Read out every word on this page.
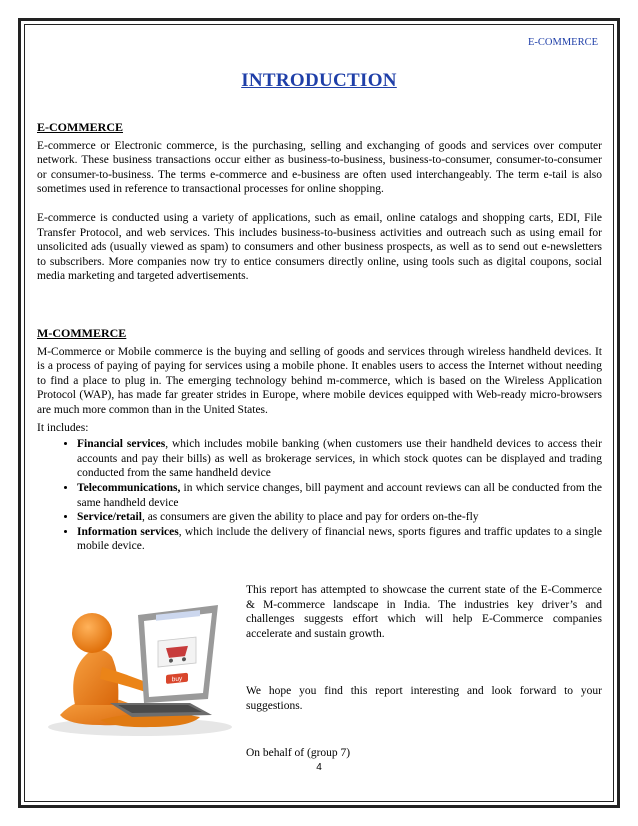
E-COMMERCE
INTRODUCTION
E-COMMERCE

E-commerce or Electronic commerce, is the purchasing, selling and exchanging of goods and services over computer network. These business transactions occur either as business-to-business, business-to-consumer, consumer-to-consumer or consumer-to-business. The terms e-commerce and e-business are often used interchangeably. The term e-tail is also sometimes used in reference to transactional processes for online shopping.

E-commerce is conducted using a variety of applications, such as email, online catalogs and shopping carts, EDI, File Transfer Protocol, and web services. This includes business-to-business activities and outreach such as using email for unsolicited ads (usually viewed as spam) to consumers and other business prospects, as well as to send out e-newsletters to subscribers. More companies now try to entice consumers directly online, using tools such as digital coupons, social media marketing and targeted advertisements.

M-COMMERCE

M-Commerce or Mobile commerce is the buying and selling of goods and services through wireless handheld devices. It is a process of paying of paying for services using a mobile phone. It enables users to access the Internet without needing to find a place to plug in. The emerging technology behind m-commerce, which is based on the Wireless Application Protocol (WAP), has made far greater strides in Europe, where mobile devices equipped with Web-ready micro-browsers are much more common than in the United States.

It includes:

• Financial services, which includes mobile banking (when customers use their handheld devices to access their accounts and pay their bills) as well as brokerage services, in which stock quotes can be displayed and trading conducted from the same handheld device
• Telecommunications, in which service changes, bill payment and account reviews can all be conducted from the same handheld device
• Service/retail, as consumers are given the ability to place and pay for orders on-the-fly
• Information services, which include the delivery of financial news, sports figures and traffic updates to a single mobile device.
buy
This report has attempted to showcase the current state of the E-Commerce & M-commerce landscape in India. The industries key driver’s and challenges suggests effort which will help E-Commerce companies accelerate and sustain growth.
We hope you find this report interesting and look forward to your suggestions.
On behalf of (group 7)
4
